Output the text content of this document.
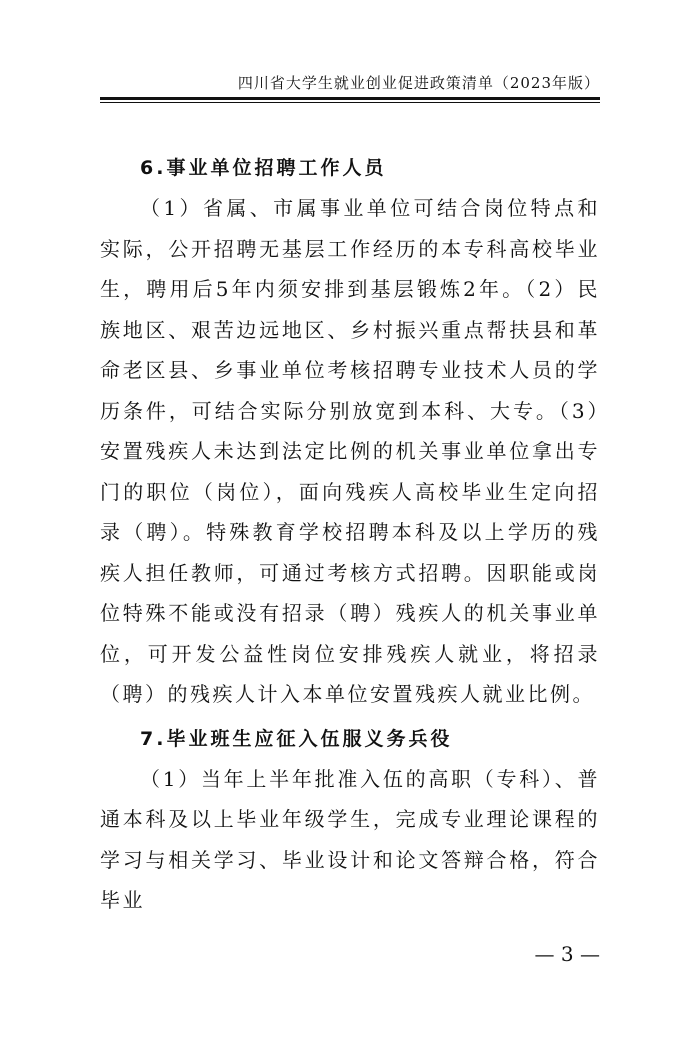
四川省大学生就业创业促进政策清单（2023年版）
6.事业单位招聘工作人员

（1）省属、市属事业单位可结合岗位特点和实际，公开招聘无基层工作经历的本专科高校毕业生，聘用后5年内须安排到基层锻炼2年。（2）民族地区、艰苦边远地区、乡村振兴重点帮扶县和革命老区县、乡事业单位考核招聘专业技术人员的学历条件，可结合实际分别放宽到本科、大专。（3）安置残疾人未达到法定比例的机关事业单位拿出专门的职位（岗位），面向残疾人高校毕业生定向招录（聘）。特殊教育学校招聘本科及以上学历的残疾人担任教师，可通过考核方式招聘。因职能或岗位特殊不能或没有招录（聘）残疾人的机关事业单位，可开发公益性岗位安排残疾人就业，将招录（聘）的残疾人计入本单位安置残疾人就业比例。

7.毕业班生应征入伍服义务兵役

（1）当年上半年批准入伍的高职（专科）、普通本科及以上毕业年级学生，完成专业理论课程的学习与相关学习、毕业设计和论文答辩合格，符合毕业

— 3 —
